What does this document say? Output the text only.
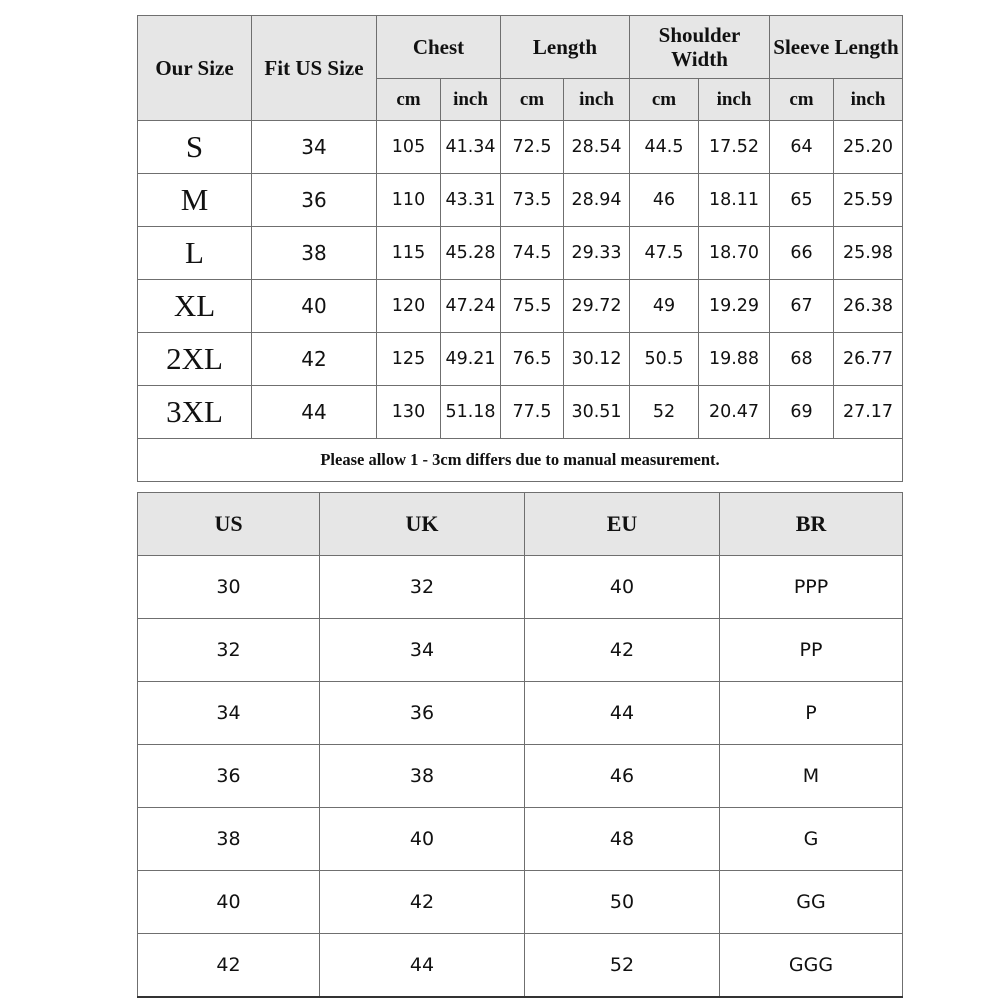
Our Size	Fit US Size	Chest		Length		Shoulder Width		Sleeve Length	
		cm	inch	cm	inch	cm	inch	cm	inch
S	34	105	41.34	72.5	28.54	44.5	17.52	64	25.20
M	36	110	43.31	73.5	28.94	46	18.11	65	25.59
L	38	115	45.28	74.5	29.33	47.5	18.70	66	25.98
XL	40	120	47.24	75.5	29.72	49	19.29	67	26.38
2XL	42	125	49.21	76.5	30.12	50.5	19.88	68	26.77
3XL	44	130	51.18	77.5	30.51	52	20.47	69	27.17
Please allow 1 - 3cm differs due to manual measurement.									
US	UK	EU	BR
30	32	40	PPP
32	34	42	PP
34	36	44	P
36	38	46	M
38	40	48	G
40	42	50	GG
42	44	52	GGG
